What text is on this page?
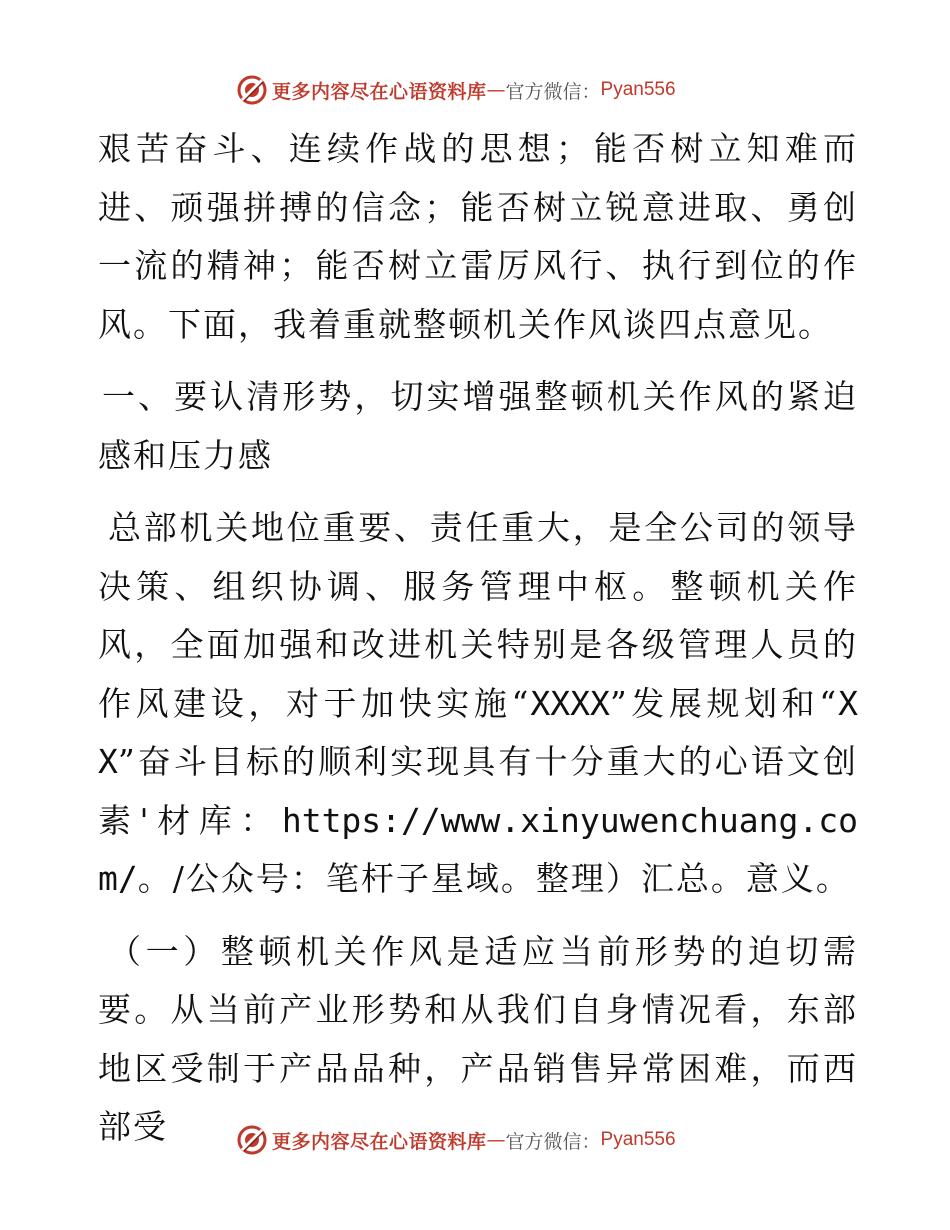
更多内容尽在心语资料库 — 官方微信： Pyan556

艰苦奋斗、连续作战的思想；能否树立知难而进、顽强拼搏的信念；能否树立锐意进取、勇创一流的精神；能否树立雷厉风行、执行到位的作风。下面，我着重就整顿机关作风谈四点意见。

一、要认清形势，切实增强整顿机关作风的紧迫感和压力感

总部机关地位重要、责任重大，是全公司的领导决策、组织协调、服务管理中枢。整顿机关作风，全面加强和改进机关特别是各级管理人员的作风建设，对于加快实施“XXXX”发展规划和“XX”奋斗目标的顺利实现具有十分重大的心语文创素'材库：https://www.xinyuwenchuang.com/。/公众号：笔杆子星域。整理）汇总。意义。

（一）整顿机关作风是适应当前形势的迫切需要。从当前产业形势和从我们自身情况看，东部地区受制于产品品种，产品销售异常困难，而西部受	更多内容尽在心语资料库 — 官方微信： Pyan556
